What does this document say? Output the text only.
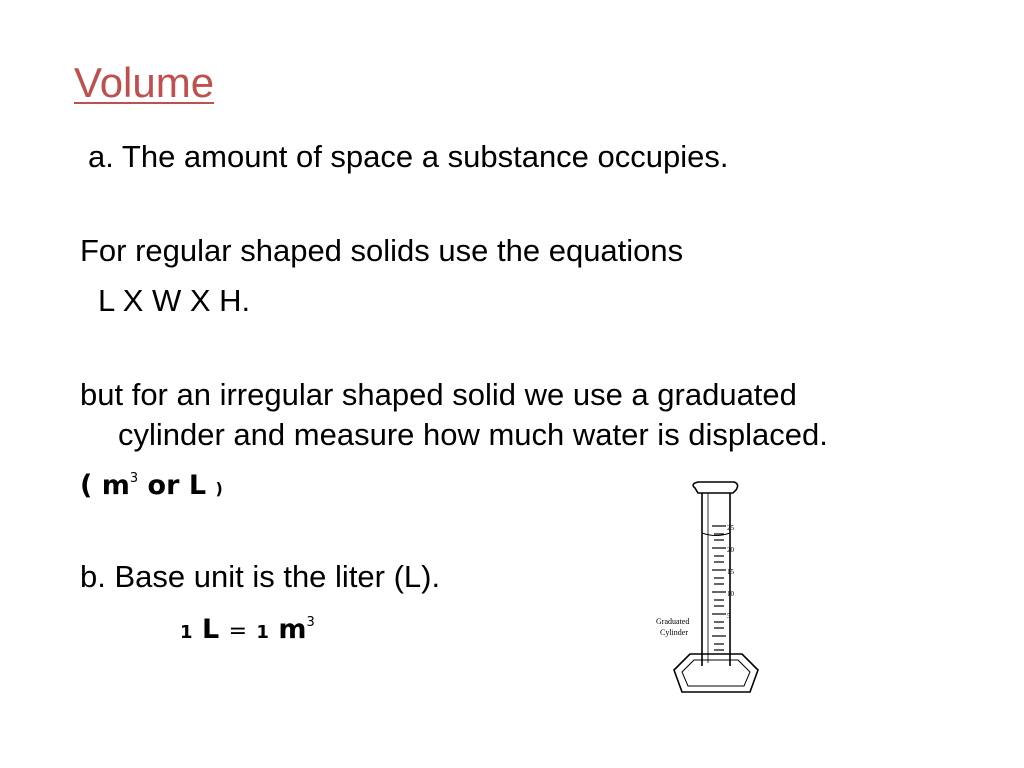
Volume
a. The amount of space a substance occupies.
For regular shaped solids use the equations
L X W X H.
but for an irregular shaped solid we use a graduated
cylinder and measure how much water is displaced.
( $m^3$ or L )
b. Base unit is the liter (L).
1 L = 1 $m^3$
25
20
15
10
5
Graduated
Cylinder
